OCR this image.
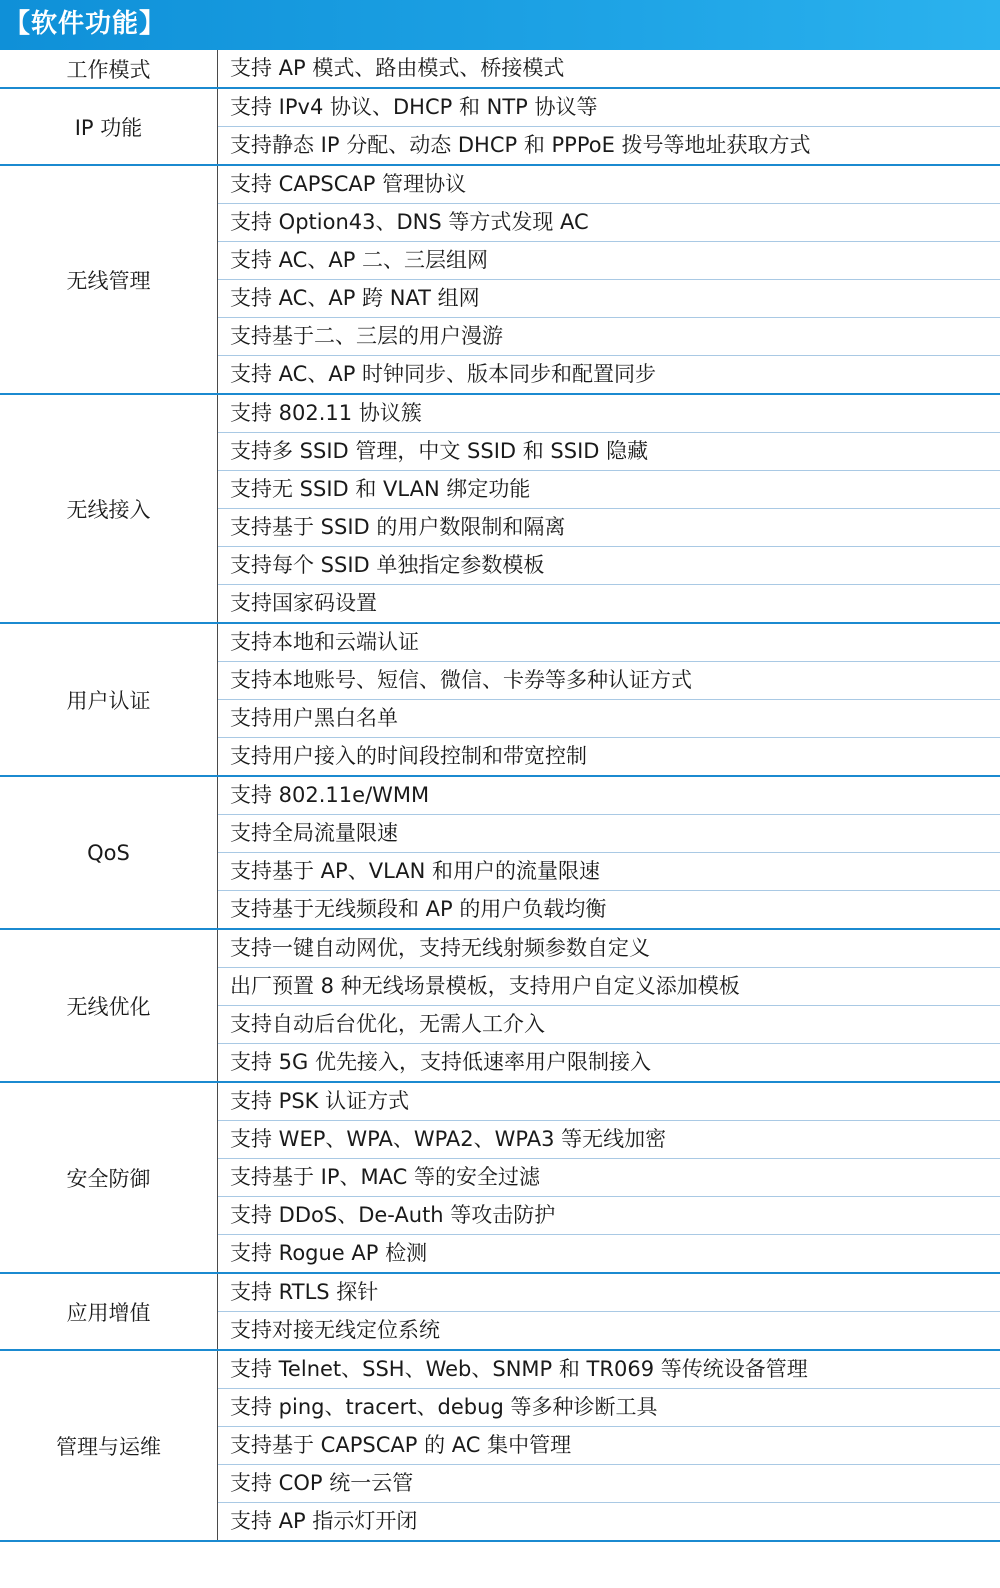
【软件功能】
工作模式	支持 AP 模式、路由模式、桥接模式
IP 功能
支持 IPv4 协议、DHCP 和 NTP 协议等
支持静态 IP 分配、动态 DHCP 和 PPPoE 拨号等地址获取方式
无线管理
支持 CAPSCAP 管理协议
支持 Option43、DNS 等方式发现 AC
支持 AC、AP 二、三层组网
支持 AC、AP 跨 NAT 组网
支持基于二、三层的用户漫游
支持 AC、AP 时钟同步、版本同步和配置同步
无线接入
支持 802.11 协议簇
支持多 SSID 管理，中文 SSID 和 SSID 隐藏
支持无 SSID 和 VLAN 绑定功能
支持基于 SSID 的用户数限制和隔离
支持每个 SSID 单独指定参数模板
支持国家码设置
用户认证
支持本地和云端认证
支持本地账号、短信、微信、卡券等多种认证方式
支持用户黑白名单
支持用户接入的时间段控制和带宽控制
QoS
支持 802.11e/WMM
支持全局流量限速
支持基于 AP、VLAN 和用户的流量限速
支持基于无线频段和 AP 的用户负载均衡
无线优化
支持一键自动网优，支持无线射频参数自定义
出厂预置 8 种无线场景模板，支持用户自定义添加模板
支持自动后台优化，无需人工介入
支持 5G 优先接入，支持低速率用户限制接入
安全防御
支持 PSK 认证方式
支持 WEP、WPA、WPA2、WPA3 等无线加密
支持基于 IP、MAC 等的安全过滤
支持 DDoS、De-Auth 等攻击防护
支持 Rogue AP 检测
应用增值
支持 RTLS 探针
支持对接无线定位系统
管理与运维
支持 Telnet、SSH、Web、SNMP 和 TR069 等传统设备管理
支持 ping、tracert、debug 等多种诊断工具
支持基于 CAPSCAP 的 AC 集中管理
支持 COP 统一云管
支持 AP 指示灯开闭
